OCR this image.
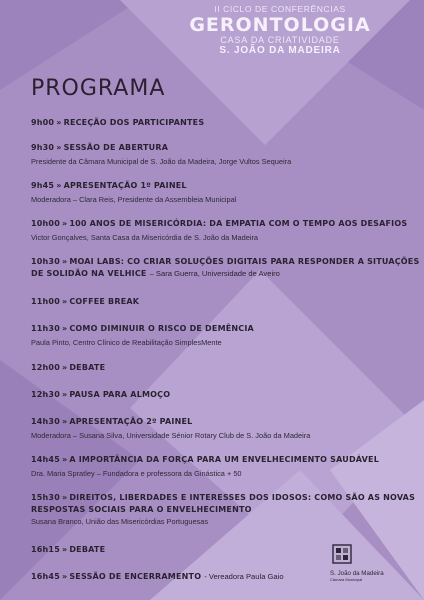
II CICLO DE CONFERÊNCIAS
GERONTOLOGIA
CASA DA CRIATIVIDADE
S. JOÃO DA MADEIRA
PROGRAMA
9h00 » RECEÇÃO DOS PARTICIPANTES
9h30 » SESSÃO DE ABERTURA
Presidente da Câmara Municipal de S. João da Madeira, Jorge Vultos Sequeira
9h45 » APRESENTAÇÃO 1º PAINEL
Moderadora – Clara Reis, Presidente da Assembleia Municipal
10h00 » 100 ANOS DE MISERICÓRDIA: DA EMPATIA COM O TEMPO AOS DESAFIOS
Victor Gonçalves, Santa Casa da Misericórdia de S. João da Madeira
10h30 » MOAI LABS: CO CRIAR SOLUÇÕES DIGITAIS PARA RESPONDER A SITUAÇÕES
DE SOLIDÃO NA VELHICE – Sara Guerra, Universidade de Aveiro
11h00 » COFFEE BREAK
11h30 » COMO DIMINUIR O RISCO DE DEMÊNCIA
Paula Pinto, Centro Clínico de Reabilitação SimplesMente
12h00 » DEBATE
12h30 » PAUSA PARA ALMOÇO
14h30 » APRESENTAÇÃO 2º PAINEL
Moderadora – Susana Silva, Universidade Sénior Rotary Club de S. João da Madeira
14h45 » A IMPORTÂNCIA DA FORÇA PARA UM ENVELHECIMENTO SAUDÁVEL
Dra. Maria Spratley – Fundadora e professora da Ginástica + 50
15h30 » DIREITOS, LIBERDADES E INTERESSES DOS IDOSOS: COMO SÃO AS NOVAS
RESPOSTAS SOCIAIS PARA O ENVELHECIMENTO
Susana Branco, União das Misericórdias Portuguesas
16h15 » DEBATE
16h45 » SESSÃO DE ENCERRAMENTO - Vereadora Paula Gaio	S. João da Madeira
Câmara Municipal
